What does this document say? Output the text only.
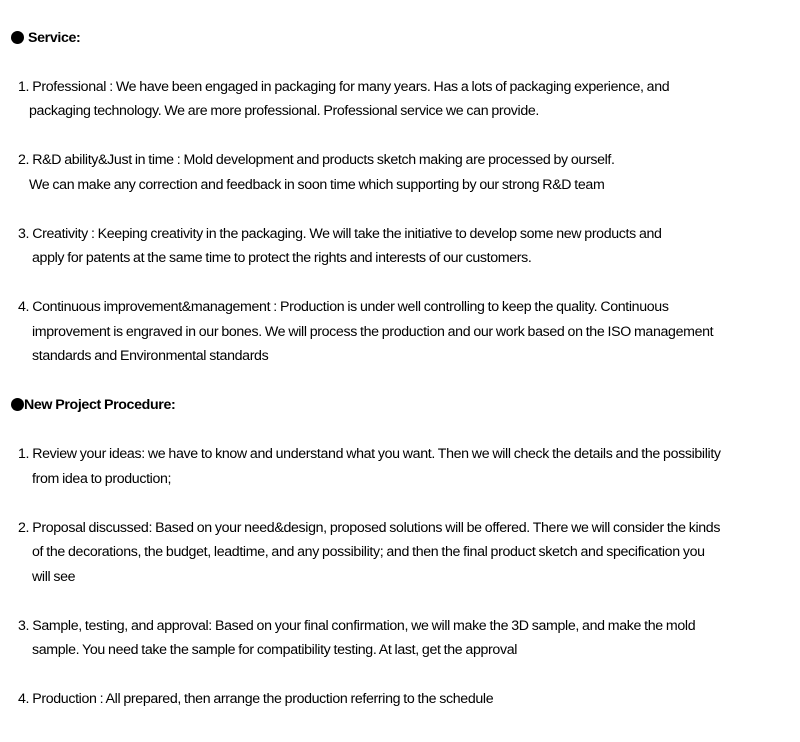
Service:
1. Professional : We have been engaged in packaging for many years. Has a lots of packaging experience, and
packaging technology. We are more professional. Professional service we can provide.
2. R&D ability&Just in time : Mold development and products sketch making are processed by ourself.
We can make any correction and feedback in soon time which supporting by our strong R&D team
3. Creativity : Keeping creativity in the packaging. We will take the initiative to develop some new products and
apply for patents at the same time to protect the rights and interests of our customers.
4. Continuous improvement&management : Production is under well controlling to keep the quality. Continuous
improvement is engraved in our bones. We will process the production and our work based on the ISO management
standards and Environmental standards
New Project Procedure:
1. Review your ideas: we have to know and understand what you want. Then we will check the details and the possibility
from idea to production;
2. Proposal discussed: Based on your need&design, proposed solutions will be offered. There we will consider the kinds
of the decorations, the budget, leadtime, and any possibility; and then the final product sketch and specification you
will see
3. Sample, testing, and approval: Based on your final confirmation, we will make the 3D sample, and make the mold
sample. You need take the sample for compatibility testing. At last, get the approval
4. Production : All prepared, then arrange the production referring to the schedule
